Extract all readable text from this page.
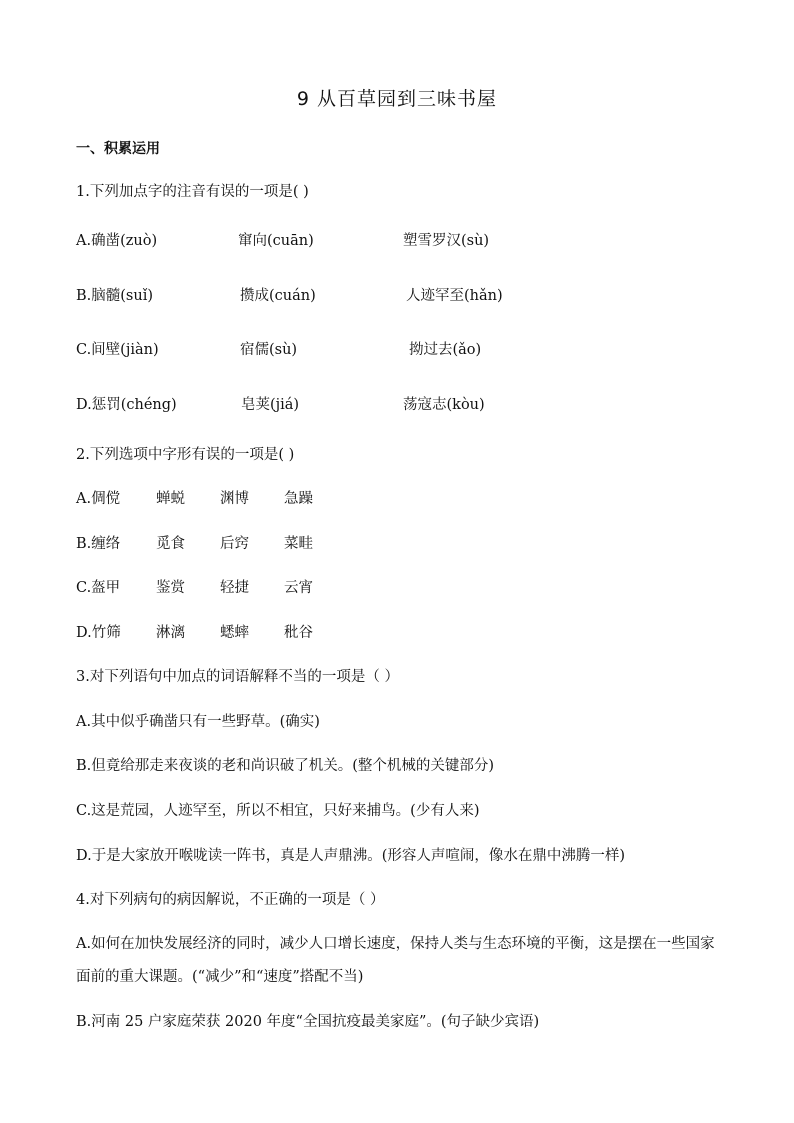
9 从百草园到三味书屋
一、积累运用
1.下列加点字的注音有误的一项是( )
A.确凿(zuò)	窜向(cuān)	塑雪罗汉(sù)
B.脑髓(suǐ)	攒成(cuán)	人迹罕至(hǎn)
C.间壁(jiàn)	宿儒(sù)	拗过去(ǎo)
D.惩罚(chéng)	皂荚(jiá)	荡寇志(kòu)
2.下列选项中字形有误的一项是( )
A.倜傥 蝉蜕 渊博 急躁
B.缠络 觅食 后窍 菜畦
C.盔甲 鉴赏 轻捷 云宵
D.竹筛 淋漓 蟋蟀 秕谷
3.对下列语句中加点的词语解释不当的一项是（ ）
A.其中似乎确凿只有一些野草。(确实)
B.但竟给那走来夜谈的老和尚识破了机关。(整个机械的关键部分)
C.这是荒园，人迹罕至，所以不相宜，只好来捕鸟。(少有人来)
D.于是大家放开喉咙读一阵书，真是人声鼎沸。(形容人声喧闹，像水在鼎中沸腾一样)
4.对下列病句的病因解说，不正确的一项是（ ）
A.如何在加快发展经济的同时，减少人口增长速度，保持人类与生态环境的平衡，这是摆在一些国家面前的重大课题。(“减少”和“速度”搭配不当)
B.河南 25 户家庭荣获 2020 年度“全国抗疫最美家庭”。(句子缺少宾语)
